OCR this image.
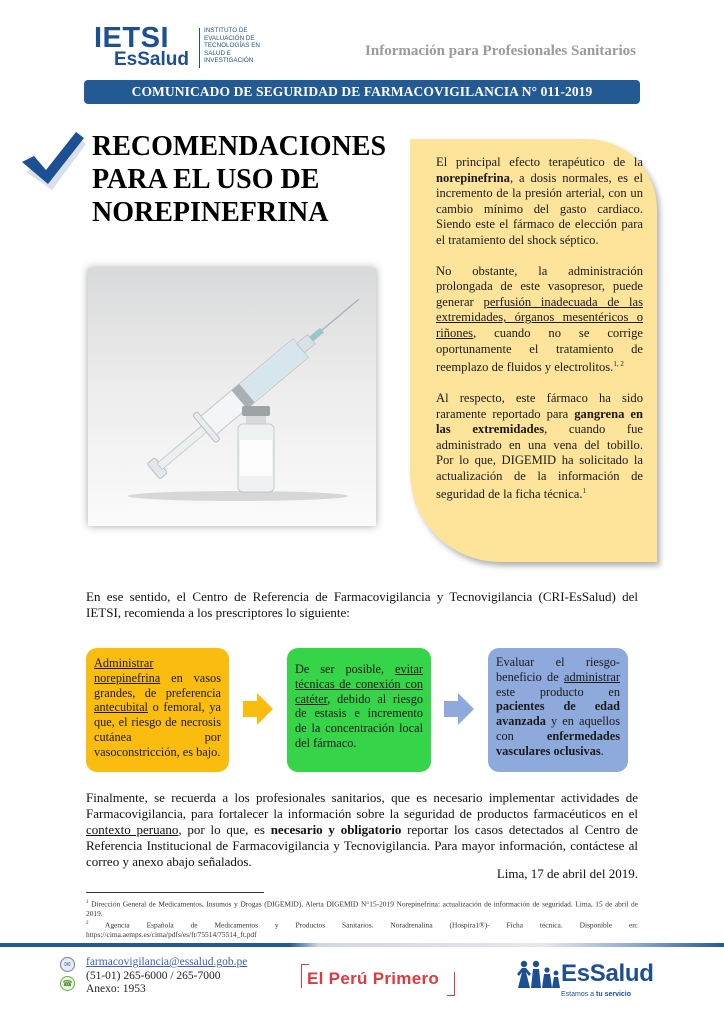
IETSI
EsSalud
INSTITUTO DE
EVALUACIÓN DE
TECNOLOGÍAS EN
SALUD E
INVESTIGACIÓN
Información para Profesionales Sanitarios
COMUNICADO DE SEGURIDAD DE FARMACOVIGILANCIA N° 011-2019
RECOMENDACIONES
PARA EL USO DE
NOREPINEFRINA

El principal efecto terapéutico de la norepinefrina, a dosis normales, es el incremento de la presión arterial, con un cambio mínimo del gasto cardiaco. Siendo este el fármaco de elección para el tratamiento del shock séptico.

No obstante, la administración prolongada de este vasopresor, puede generar perfusión inadecuada de las extremidades, órganos mesentéricos o riñones, cuando no se corrige oportunamente el tratamiento de reemplazo de fluidos y electrolitos.$^{1, 2}$

Al respecto, este fármaco ha sido raramente reportado para gangrena en las extremidades, cuando fue administrado en una vena del tobillo. Por lo que, DIGEMID ha solicitado la actualización de la información de seguridad de la ficha técnica.$^1$

En ese sentido, el Centro de Referencia de Farmacovigilancia y Tecnovigilancia (CRI-EsSalud) del IETSI, recomienda a los prescriptores lo siguiente:
Administrar norepinefrina en vasos grandes, de preferencia antecubital o femoral, ya que, el riesgo de necrosis cutánea por vasoconstricción, es bajo.
De ser posible, evitar técnicas de conexión con catéter, debido al riesgo de estasis e incremento de la concentración local del fármaco.
Evaluar el riesgo-beneficio de administrar este producto en pacientes de edad avanzada y en aquellos con enfermedades vasculares oclusivas.
Finalmente, se recuerda a los profesionales sanitarios, que es necesario implementar actividades de Farmacovigilancia, para fortalecer la información sobre la seguridad de productos farmacéuticos en el contexto peruano, por lo que, es necesario y obligatorio reportar los casos detectados al Centro de Referencia Institucional de Farmacovigilancia y Tecnovigilancia. Para mayor información, contáctese al correo y anexo abajo señalados.
Lima, 17 de abril del 2019.
$^1$ Dirección General de Medicamentos, Insumos y Drogas (DIGEMID). Alerta DIGEMID N°15-2019 Norepinefrina: actualización de información de seguridad. Lima, 15 de abril de 2019.
$^2$ Agencia Española de Medicamentos y Productos Sanitarios. Noradrenalina (Hospira1®)- Ficha técnica. Disponible en:
https://cima.aemps.es/cima/pdfs/es/ft/75514/75514_ft.pdf
✉
☎
farmacovigilancia@essalud.gob.pe
(51-01) 265-6000 / 265-7000
Anexo: 1953
El Perú Primero	EsSalud
Estamos a tu servicio
